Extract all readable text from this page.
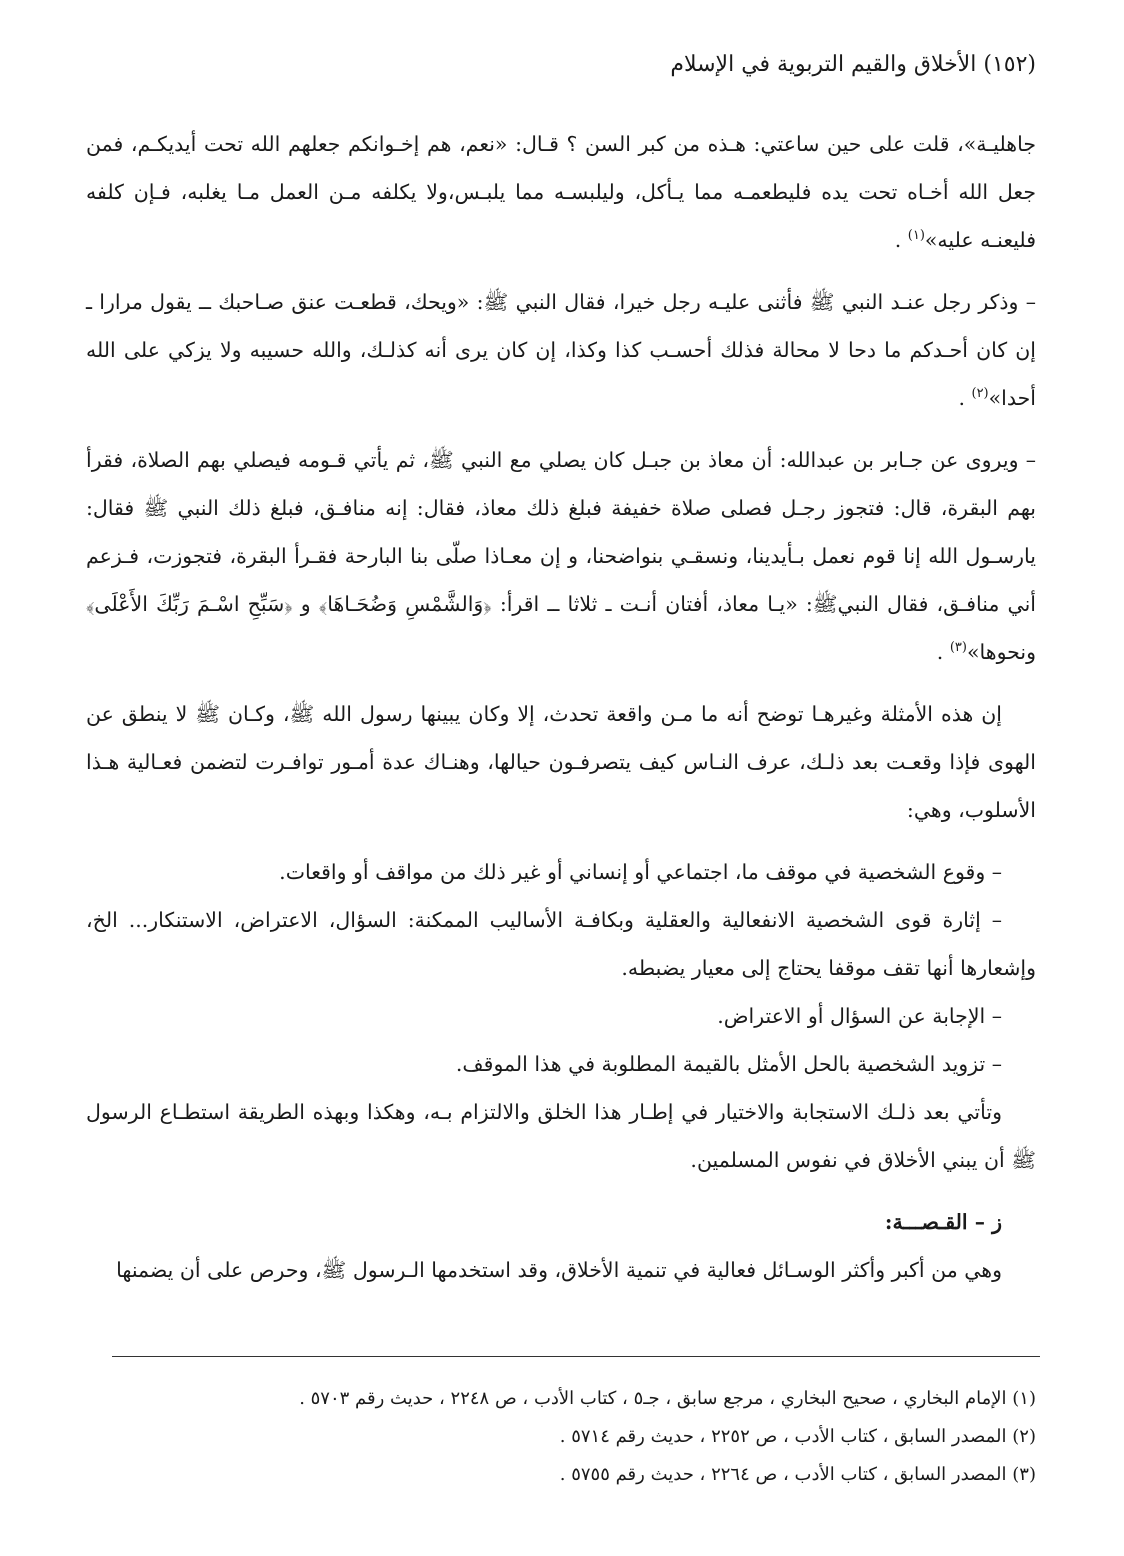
(١٥٢) الأخلاق والقيم التربوية في الإسلام

جاهليـة»، قلت على حين ساعتي: هـذه من كبر السن ؟ قـال: «نعم، هم إخـوانكم جعلهم الله تحت أيديكـم، فمن جعل الله أخـاه تحت يده فليطعمـه مما يـأكل، وليلبسـه مما يلبـس،ولا يكلفه مـن العمل مـا يغلبه، فـإن كلفه فليعنـه عليه»$^{(١)}$ .

– وذكر رجل عنـد النبي ﷺ فأثنى عليـه رجل خيرا، فقال النبي ﷺ: «ويحك، قطعـت عنق صـاحبك ــ يقول مرارا ـ إن كان أحـدكم ما دحا لا محالة فذلك أحسـب كذا وكذا، إن كان يرى أنه كذلـك، والله حسيبه ولا يزكي على الله أحدا»$^{(٢)}$ .

– ويروى عن جـابر بن عبدالله: أن معاذ بن جبـل كان يصلي مع النبي ﷺ، ثم يأتي قـومه فيصلي بهم الصلاة، فقرأ بهم البقرة، قال: فتجوز رجـل فصلى صلاة خفيفة فبلغ ذلك معاذ، فقال: إنه منافـق، فبلغ ذلك النبي ﷺ فقال: يارسـول الله إنا قوم نعمل بـأيدينا، ونسقـي بنواضحنا، و إن معـاذا صلّى بنا البارحة فقـرأ البقرة، فتجوزت، فـزعم أني منافـق، فقال النبيﷺ: «يـا معاذ، أفتان أنـت ـ ثلاثا ــ اقرأ: ﴿وَالشَّمْسِ وَضُحَـاهَا﴾ و ﴿سَبِّحِ اسْـمَ رَبِّكَ الأَعْلَى﴾ ونحوها»$^{(٣)}$ .

إن هذه الأمثلة وغيرهـا توضح أنه ما مـن واقعة تحدث، إلا وكان يبينها رسول الله ﷺ، وكـان ﷺ لا ينطق عن الهوى فإذا وقعـت بعد ذلـك، عرف النـاس كيف يتصرفـون حيالها، وهنـاك عدة أمـور توافـرت لتضمن فعـالية هـذا الأسلوب، وهي:

– وقوع الشخصية في موقف ما، اجتماعي أو إنساني أو غير ذلك من مواقف أو واقعات.

– إثارة قوى الشخصية الانفعالية والعقلية وبكافـة الأساليب الممكنة: السؤال، الاعتراض، الاستنكار... الخ، وإشعارها أنها تقف موقفا يحتاج إلى معيار يضبطه.

– الإجابة عن السؤال أو الاعتراض.

– تزويد الشخصية بالحل الأمثل بالقيمة المطلوبة في هذا الموقف.

وتأتي بعد ذلـك الاستجابة والاختيار في إطـار هذا الخلق والالتزام بـه، وهكذا وبهذه الطريقة استطـاع الرسول ﷺ أن يبني الأخلاق في نفوس المسلمين.

ز – القـصـــة:

وهي من أكبر وأكثر الوسـائل فعالية في تنمية الأخلاق، وقد استخدمها الـرسول ﷺ، وحرص على أن يضمنها

(١) الإمام البخاري ، صحيح البخاري ، مرجع سابق ، جـ٥ ، كتاب الأدب ، ص ٢٢٤٨ ، حديث رقم ٥٧٠٣ .
(٢) المصدر السابق ، كتاب الأدب ، ص ٢٢٥٢ ، حديث رقم ٥٧١٤ .
(٣) المصدر السابق ، كتاب الأدب ، ص ٢٢٦٤ ، حديث رقم ٥٧٥٥ .
